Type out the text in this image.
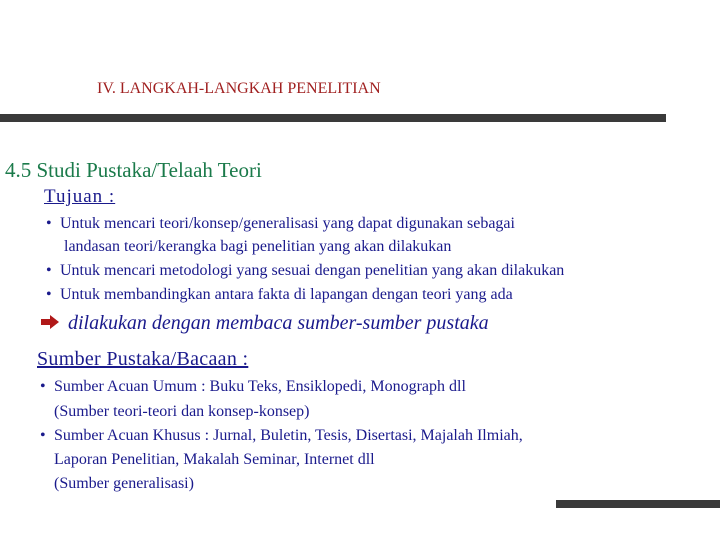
IV. LANGKAH-LANGKAH PENELITIAN
4.5 Studi Pustaka/Telaah Teori
Tujuan :
• Untuk mencari teori/konsep/generalisasi yang dapat digunakan sebagai
landasan teori/kerangka bagi penelitian yang akan dilakukan
• Untuk mencari metodologi yang sesuai dengan penelitian yang akan dilakukan
• Untuk membandingkan antara fakta di lapangan dengan teori yang ada
dilakukan dengan membaca sumber-sumber pustaka
Sumber Pustaka/Bacaan :
• Sumber Acuan Umum : Buku Teks, Ensiklopedi, Monograph dll
(Sumber teori-teori dan konsep-konsep)
• Sumber Acuan Khusus : Jurnal, Buletin, Tesis, Disertasi, Majalah Ilmiah,
Laporan Penelitian, Makalah Seminar, Internet dll
(Sumber generalisasi)
